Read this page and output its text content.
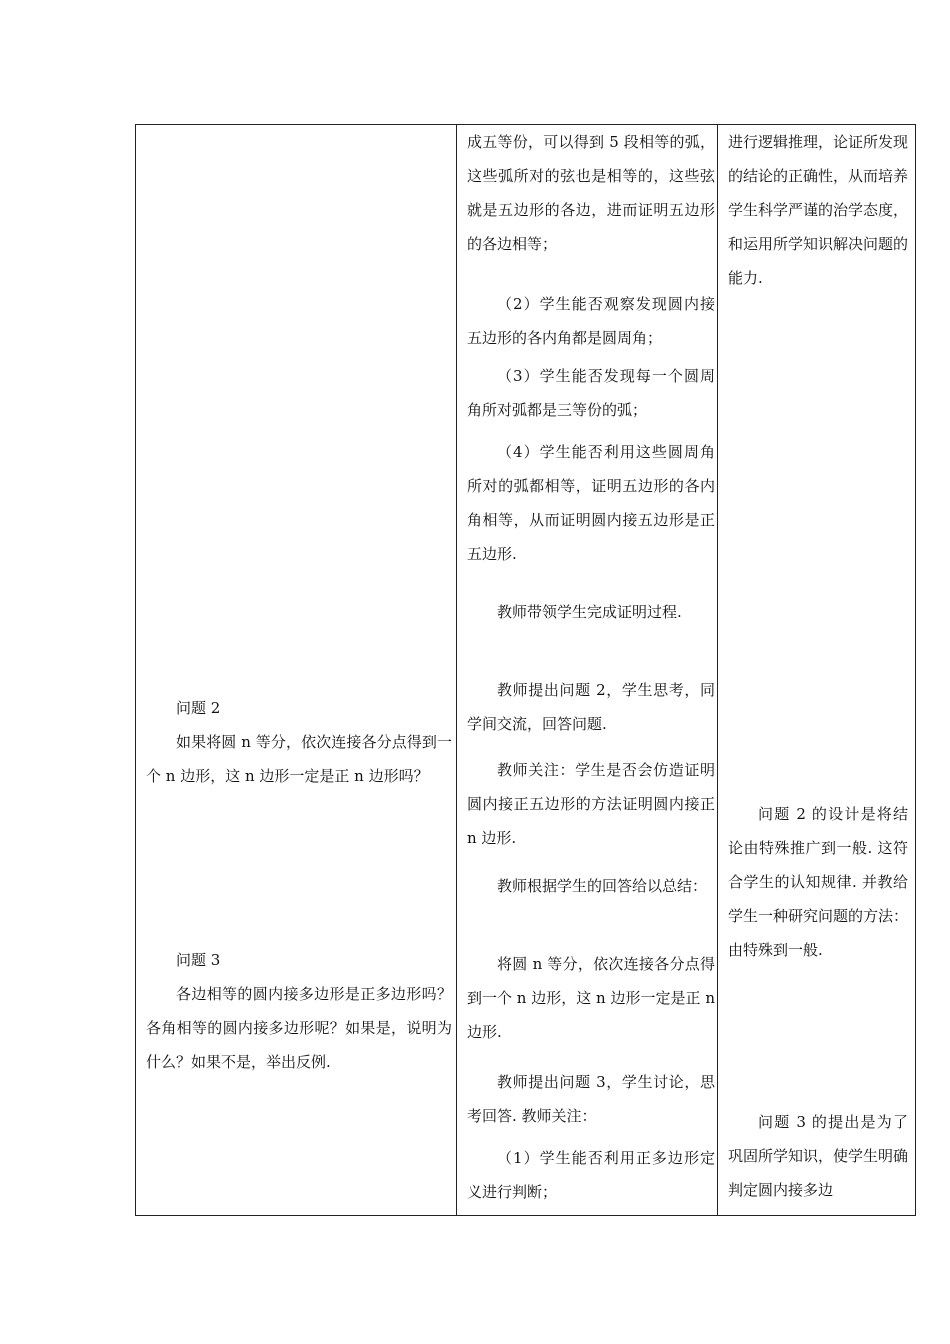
问题 2
如果将圆 n 等分，依次连接各分点得到一个 n 边形，这 n 边形一定是正 n 边形吗？
问题 3
各边相等的圆内接多边形是正多边形吗？各角相等的圆内接多边形呢？如果是，说明为什么？如果不是，举出反例.
成五等份，可以得到 5 段相等的弧，这些弧所对的弦也是相等的，这些弦就是五边形的各边，进而证明五边形的各边相等；
（2）学生能否观察发现圆内接五边形的各内角都是圆周角；
（3）学生能否发现每一个圆周角所对弧都是三等份的弧；
（4）学生能否利用这些圆周角所对的弧都相等，证明五边形的各内角相等，从而证明圆内接五边形是正五边形.
教师带领学生完成证明过程.
教师提出问题 2，学生思考，同学间交流，回答问题.
教师关注：学生是否会仿造证明圆内接正五边形的方法证明圆内接正 n 边形.
教师根据学生的回答给以总结：
将圆 n 等分，依次连接各分点得到一个 n 边形，这 n 边形一定是正 n 边形.
教师提出问题 3，学生讨论，思考回答. 教师关注：
（1）学生能否利用正多边形定义进行判断；
进行逻辑推理，论证所发现的结论的正确性，从而培养学生科学严谨的治学态度，和运用所学知识解决问题的能力.
问题 2 的设计是将结论由特殊推广到一般. 这符合学生的认知规律. 并教给学生一种研究问题的方法：由特殊到一般.
问题 3 的提出是为了巩固所学知识，使学生明确判定圆内接多边
